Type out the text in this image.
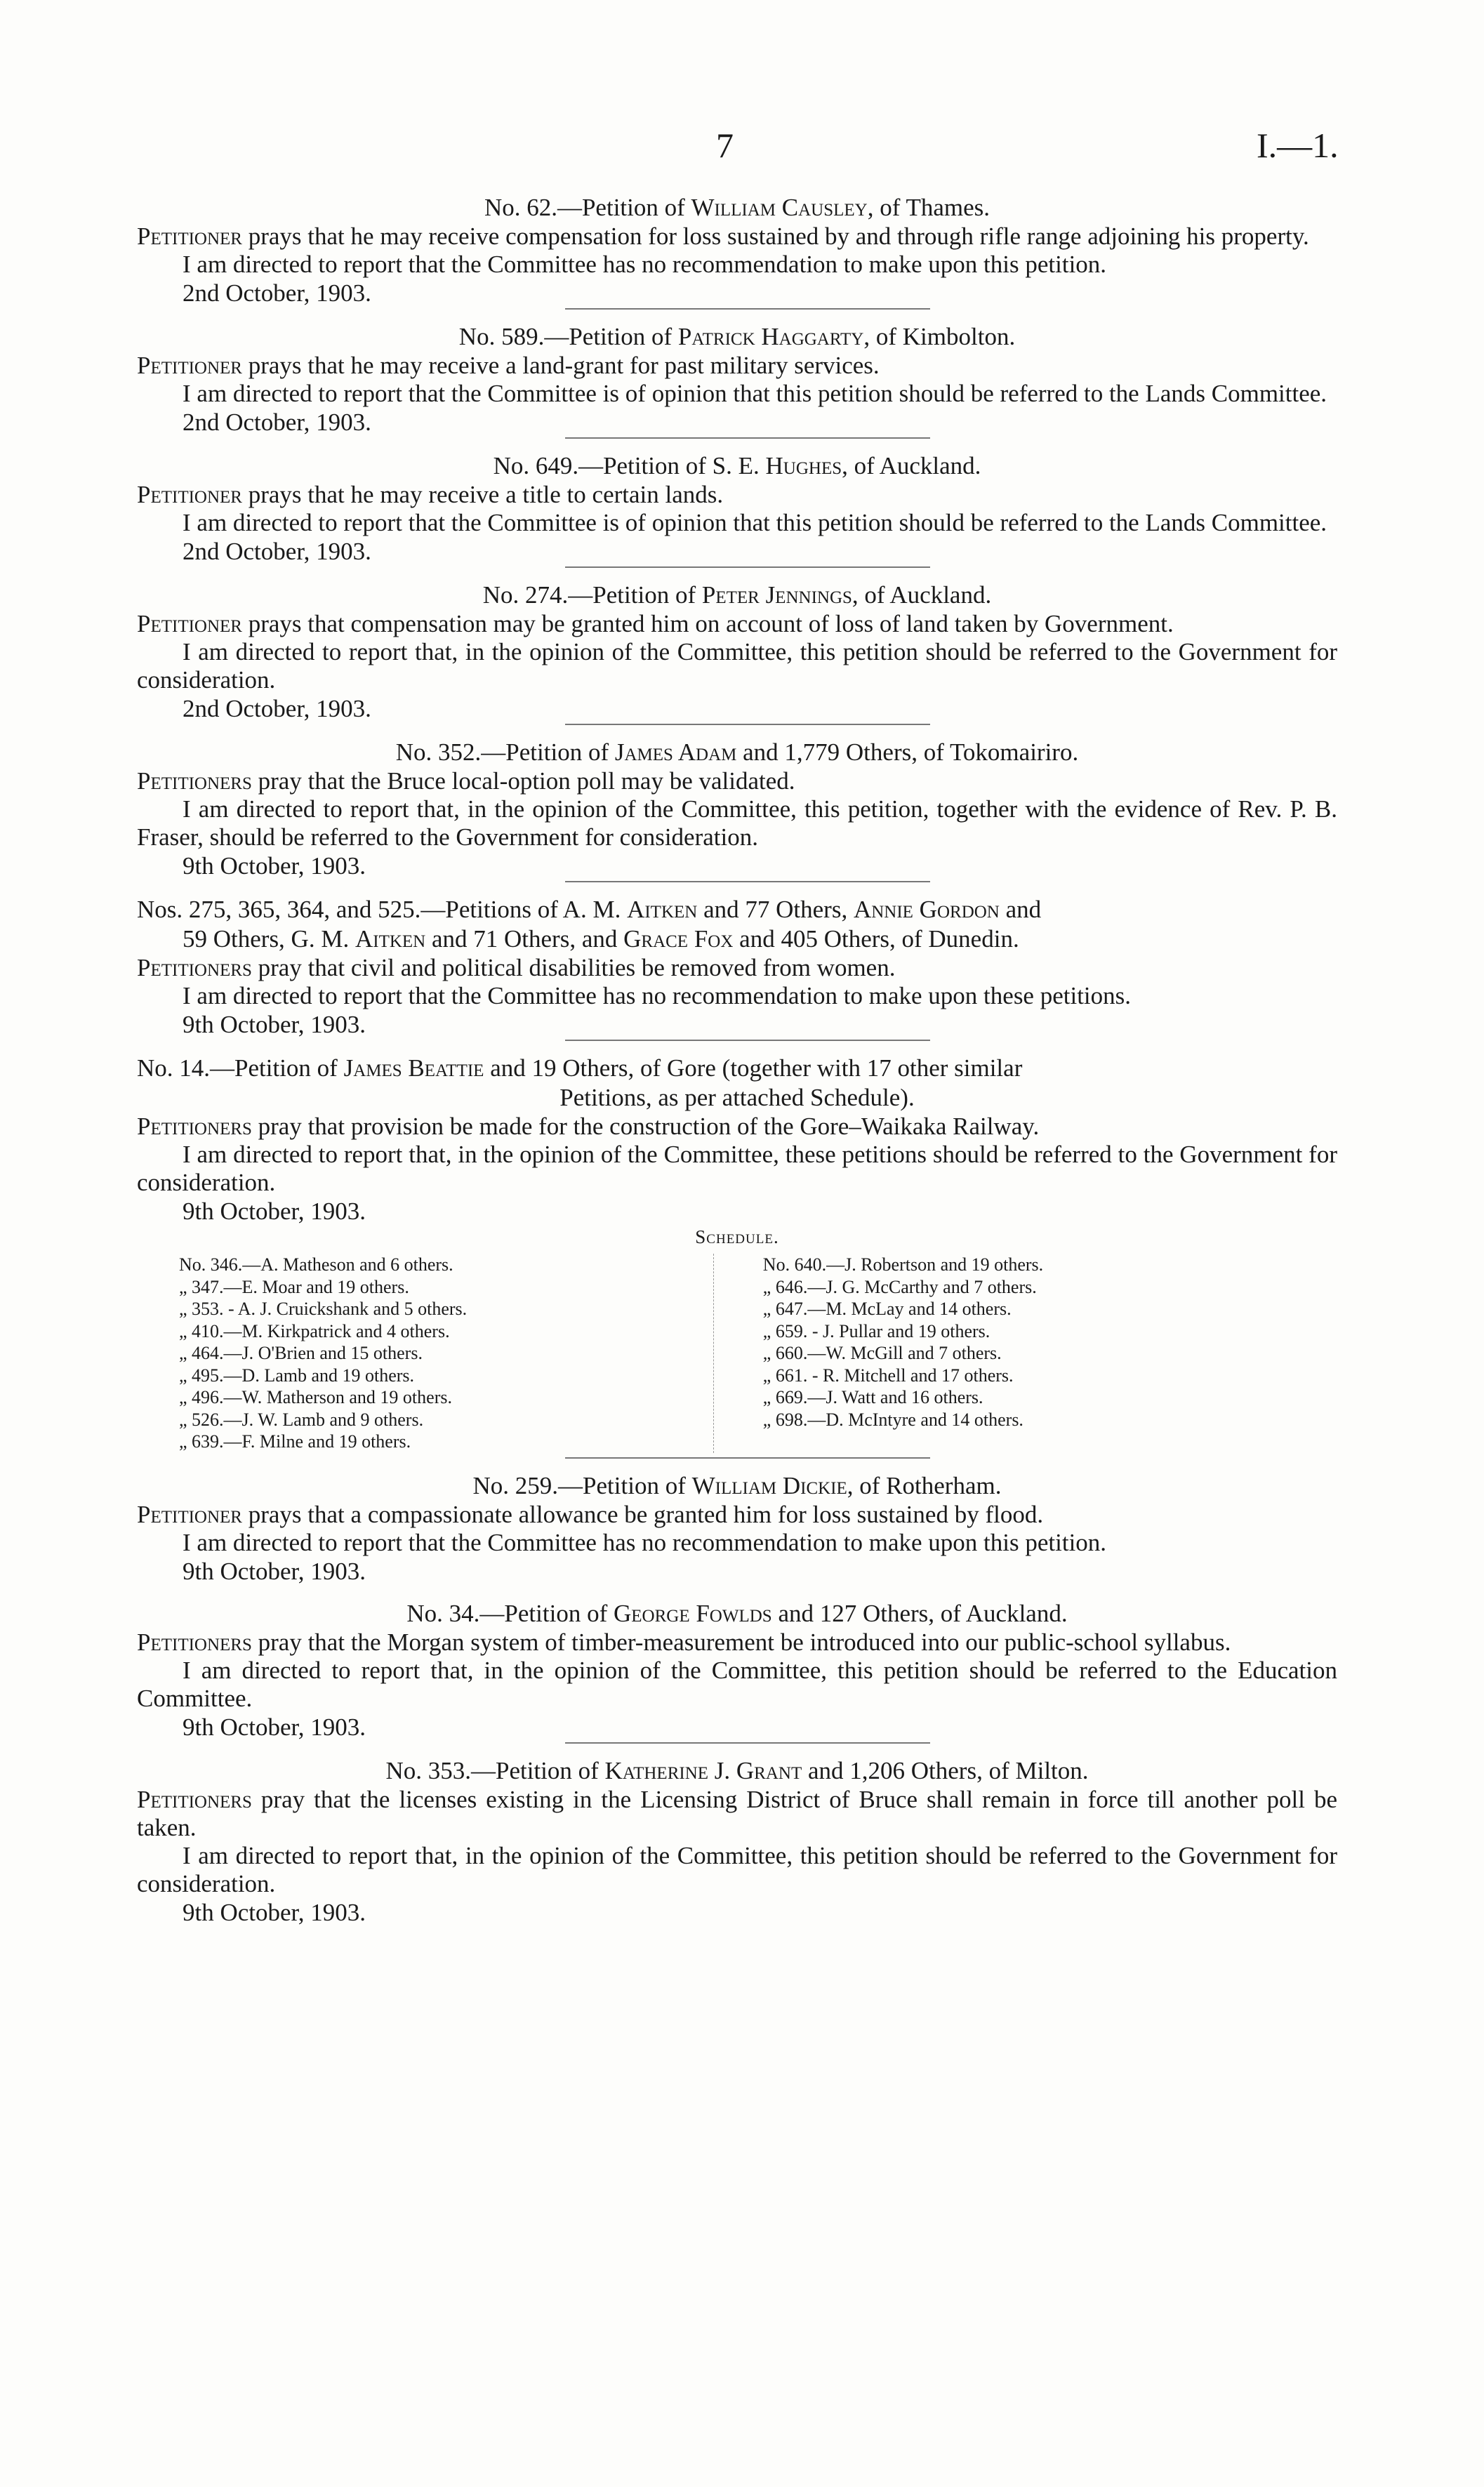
7	I.—1.

No. 62.—Petition of William Causley, of Thames.

Petitioner prays that he may receive compensation for loss sustained by and through rifle range adjoining his property.

I am directed to report that the Committee has no recommendation to make upon this petition.

2nd October, 1903.

No. 589.—Petition of Patrick Haggarty, of Kimbolton.

Petitioner prays that he may receive a land-grant for past military services.

I am directed to report that the Committee is of opinion that this petition should be referred to the Lands Committee.

2nd October, 1903.

No. 649.—Petition of S. E. Hughes, of Auckland.

Petitioner prays that he may receive a title to certain lands.

I am directed to report that the Committee is of opinion that this petition should be referred to the Lands Committee.

2nd October, 1903.

No. 274.—Petition of Peter Jennings, of Auckland.

Petitioner prays that compensation may be granted him on account of loss of land taken by Government.

I am directed to report that, in the opinion of the Committee, this petition should be referred to the Government for consideration.

2nd October, 1903.

No. 352.—Petition of James Adam and 1,779 Others, of Tokomairiro.

Petitioners pray that the Bruce local-option poll may be validated.

I am directed to report that, in the opinion of the Committee, this petition, together with the evidence of Rev. P. B. Fraser, should be referred to the Government for consideration.

9th October, 1903.

Nos. 275, 365, 364, and 525.—Petitions of A. M. Aitken and 77 Others, Annie Gordon and
59 Others, G. M. Aitken and 71 Others, and Grace Fox and 405 Others, of Dunedin.

Petitioners pray that civil and political disabilities be removed from women.

I am directed to report that the Committee has no recommendation to make upon these petitions.

9th October, 1903.

No. 14.—Petition of James Beattie and 19 Others, of Gore (together with 17 other similar
Petitions, as per attached Schedule).

Petitioners pray that provision be made for the construction of the Gore–Waikaka Railway.

I am directed to report that, in the opinion of the Committee, these petitions should be referred to the Government for consideration.

9th October, 1903.

Schedule.

No. 346.—A. Matheson and 6 others.
„ 347.—E. Moar and 19 others.
„ 353. - A. J. Cruickshank and 5 others.
„ 410.—M. Kirkpatrick and 4 others.
„ 464.—J. O'Brien and 15 others.
„ 495.—D. Lamb and 19 others.
„ 496.—W. Matherson and 19 others.
„ 526.—J. W. Lamb and 9 others.
„ 639.—F. Milne and 19 others.
No. 640.—J. Robertson and 19 others.
„ 646.—J. G. McCarthy and 7 others.
„ 647.—M. McLay and 14 others.
„ 659. - J. Pullar and 19 others.
„ 660.—W. McGill and 7 others.
„ 661. - R. Mitchell and 17 others.
„ 669.—J. Watt and 16 others.
„ 698.—D. McIntyre and 14 others.

No. 259.—Petition of William Dickie, of Rotherham.

Petitioner prays that a compassionate allowance be granted him for loss sustained by flood.

I am directed to report that the Committee has no recommendation to make upon this petition.

9th October, 1903.

No. 34.—Petition of George Fowlds and 127 Others, of Auckland.

Petitioners pray that the Morgan system of timber-measurement be introduced into our public-school syllabus.

I am directed to report that, in the opinion of the Committee, this petition should be referred to the Education Committee.

9th October, 1903.

No. 353.—Petition of Katherine J. Grant and 1,206 Others, of Milton.

Petitioners pray that the licenses existing in the Licensing District of Bruce shall remain in force till another poll be taken.

I am directed to report that, in the opinion of the Committee, this petition should be referred to the Government for consideration.

9th October, 1903.
